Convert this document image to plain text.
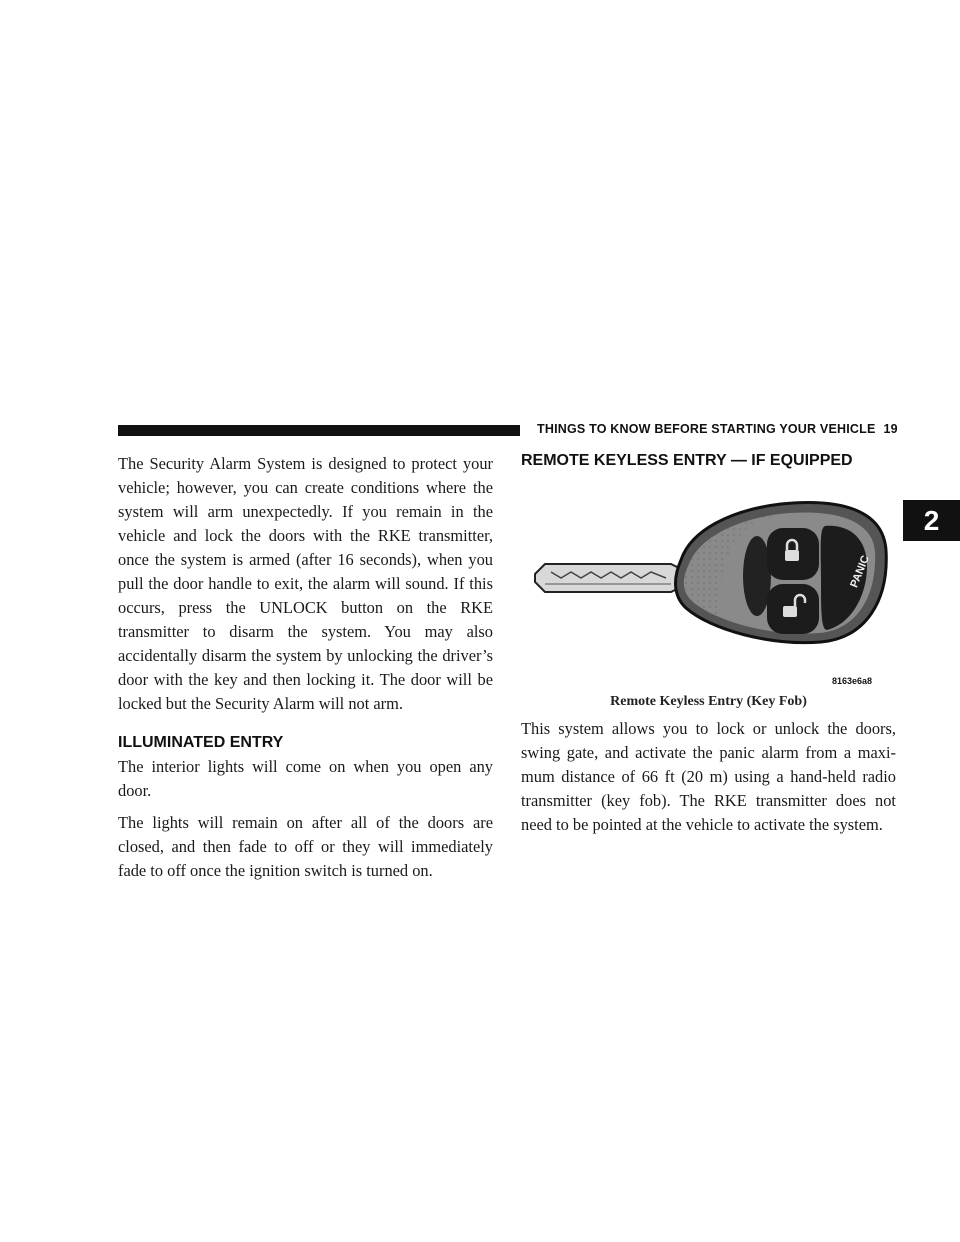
THINGS TO KNOW BEFORE STARTING YOUR VEHICLE 19
2

The Security Alarm System is designed to protect your vehicle; however, you can create conditions where the system will arm unexpectedly. If you remain in the vehicle and lock the doors with the RKE transmitter, once the system is armed (after 16 seconds), when you pull the door handle to exit, the alarm will sound. If this occurs, press the UNLOCK button on the RKE transmitter to disarm the system. You may also accidentally disarm the system by unlocking the driver’s door with the key and then locking it. The door will be locked but the Security Alarm will not arm.

ILLUMINATED ENTRY

The interior lights will come on when you open any door.

The lights will remain on after all of the doors are closed, and then fade to off or they will immediately fade to off once the ignition switch is turned on.

REMOTE KEYLESS ENTRY — IF EQUIPPED
PANIC
8163e6a8
Remote Keyless Entry (Key Fob)

This system allows you to lock or unlock the doors, swing gate, and activate the panic alarm from a maxi-mum distance of 66 ft (20 m) using a hand-held radio transmitter (key fob). The RKE transmitter does not need to be pointed at the vehicle to activate the system.
